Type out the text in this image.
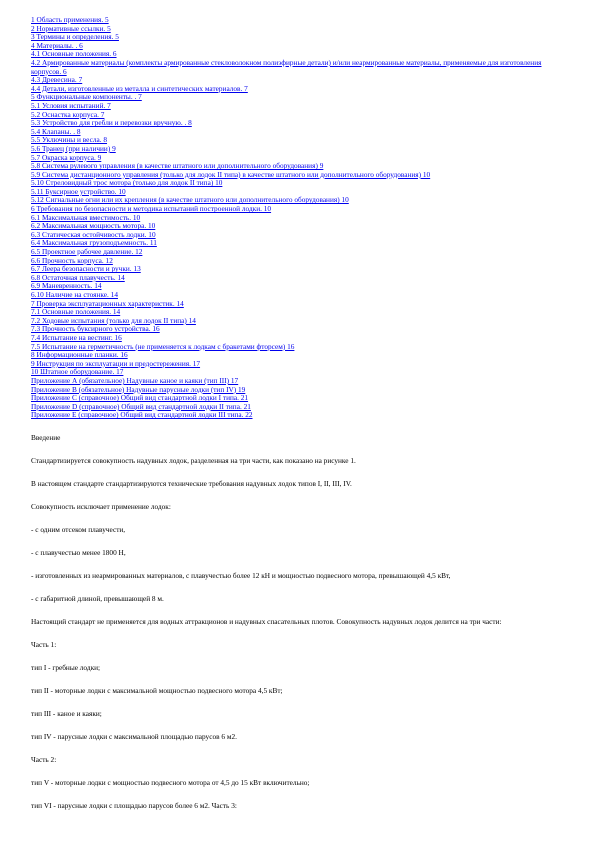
1 Область применения. 5
2 Нормативные ссылки. 5
3 Термины и определения. 5
4 Материалы. . 6
4.1 Основные положения. 6
4.2 Армированные материалы (комплекты армированные стекловолокном полиэфирные детали) и/или неармированные материалы, применяемые для изготовления корпусов. 6
4.3 Древесина. 7
4.4 Детали, изготовленные из металла и синтетических материалов. 7
5 Функциональные компоненты. . 7
5.1 Условия испытаний. 7
5.2 Оснастка корпуса. 7
5.3 Устройство для гребли и перевозки вручную. . 8
5.4 Клапаны. . 8
5.5 Уключины и весла. 8
5.6 Транец (при наличии) 9
5.7 Окраска корпуса. 9
5.8 Система рулевого управления (в качестве штатного или дополнительного оборудования) 9
5.9 Система дистанционного управления (только для лодок II типа) в качестве штатного или дополнительного оборудования) 10
5.10 Стреловидный трос мотора (только для лодок II типа) 10
5.11 Буксирное устройство. 10
5.12 Сигнальные огни или их крепления (в качестве штатного или дополнительного оборудования) 10
6 Требования по безопасности и методика испытаний построенной лодки. 10
6.1 Максимальная вместимость. 10
6.2 Максимальная мощность мотора. 10
6.3 Статическая остойчивость лодки. 10
6.4 Максимальная грузоподъемность. 11
6.5 Проектное рабочее давление. 12
6.6 Прочность корпуса. 12
6.7 Леера безопасности и ручки. 13
6.8 Остаточная плавучесть. 14
6.9 Маневренность. 14
6.10 Наличие на стоянке. 14
7 Проверка эксплуатационных характеристик. 14
7.1 Основные положения. 14
7.2 Ходовые испытания (только для лодок II типа) 14
7.3 Прочность буксирного устройства. 16
7.4 Испытание на вестинг. 16
7.5 Испытание на герметичность (не применяется к лодкам с бракетами фторсем) 16
8 Информационные планки. 16
9 Инструкция по эксплуатации и предостережения. 17
10 Штатное оборудование. 17
Приложение А (обязательное) Надувные каное и каяки (тип III) 17
Приложение В (обязательное) Надувные парусные лодки (тип IV) 19
Приложение С (справочное) Общий вид стандартной лодки I типа. 21
Приложение D (справочное) Общий вид стандартной лодки II типа. 21
Приложение Е (справочное) Общий вид стандартной лодки III типа. 22

Введение

Стандартизируется совокупность надувных лодок, разделенная на три части, как показано на рисунке 1.

В настоящем стандарте стандартизируются технические требования надувных лодок типов I, II, III, IV.

Совокупность исключает применение лодок:

- с одним отсеком плавучести,

- с плавучестью менее 1800 Н,

- изготовленных из неармированных материалов, с плавучестью более 12 кН и мощностью подвесного мотора, превышающей 4,5 кВт,

- с габаритной длиной, превышающей 8 м.

Настоящий стандарт не применяется для водных аттракционов и надувных спасательных плотов. Совокупность надувных лодок делится на три части:

Часть 1:

тип I - гребные лодки;

тип II - моторные лодки с максимальной мощностью подвесного мотора 4,5 кВт;

тип III - каное и каяки;

тип IV - парусные лодки с максимальной площадью парусов 6 м2.

Часть 2:

тип V - моторные лодки с мощностью подвесного мотора от 4,5 до 15 кВт включительно;

тип VI - парусные лодки с площадью парусов более 6 м2. Часть 3:
